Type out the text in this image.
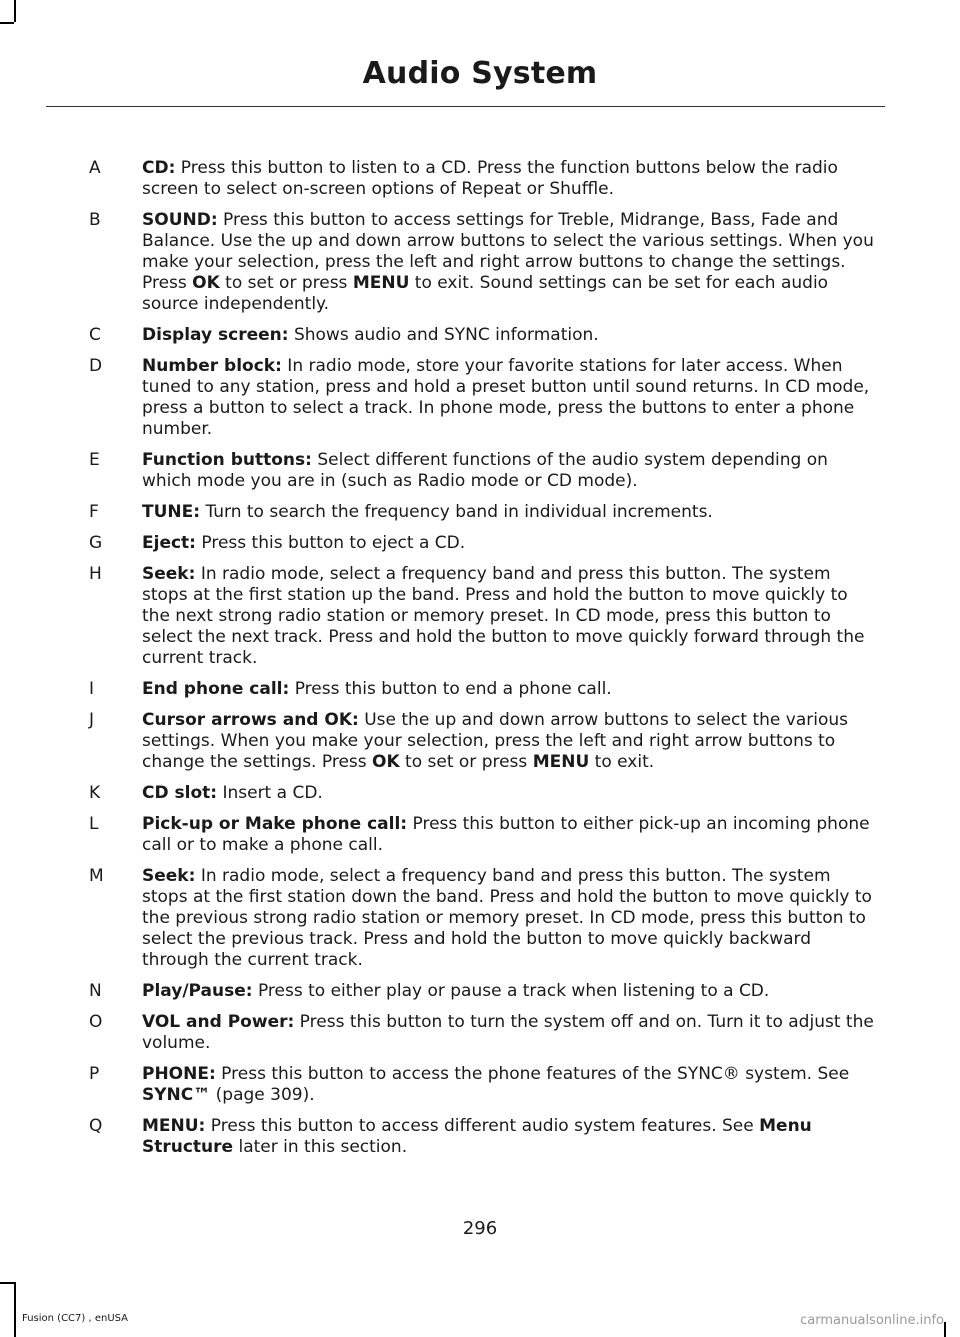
Audio System
A	CD: Press this button to listen to a CD. Press the function buttons below the radio screen to select on-screen options of Repeat or Shuffle.
B	SOUND: Press this button to access settings for Treble, Midrange, Bass, Fade and Balance. Use the up and down arrow buttons to select the various settings. When you make your selection, press the left and right arrow buttons to change the settings. Press OK to set or press MENU to exit. Sound settings can be set for each audio source independently.
C	Display screen: Shows audio and SYNC information.
D	Number block: In radio mode, store your favorite stations for later access. When tuned to any station, press and hold a preset button until sound returns. In CD mode, press a button to select a track. In phone mode, press the buttons to enter a phone number.
E	Function buttons: Select different functions of the audio system depending on which mode you are in (such as Radio mode or CD mode).
F	TUNE: Turn to search the frequency band in individual increments.
G	Eject: Press this button to eject a CD.
H	Seek: In radio mode, select a frequency band and press this button. The system stops at the first station up the band. Press and hold the button to move quickly to the next strong radio station or memory preset. In CD mode, press this button to select the next track. Press and hold the button to move quickly forward through the current track.
I	End phone call: Press this button to end a phone call.
J	Cursor arrows and OK: Use the up and down arrow buttons to select the various settings. When you make your selection, press the left and right arrow buttons to change the settings. Press OK to set or press MENU to exit.
K	CD slot: Insert a CD.
L	Pick-up or Make phone call: Press this button to either pick-up an incoming phone call or to make a phone call.
M	Seek: In radio mode, select a frequency band and press this button. The system stops at the first station down the band. Press and hold the button to move quickly to the previous strong radio station or memory preset. In CD mode, press this button to select the previous track. Press and hold the button to move quickly backward through the current track.
N	Play/Pause: Press to either play or pause a track when listening to a CD.
O	VOL and Power: Press this button to turn the system off and on. Turn it to adjust the volume.
P	PHONE: Press this button to access the phone features of the SYNC® system. See SYNC™ (page 309).
Q	MENU: Press this button to access different audio system features. See Menu Structure later in this section.
296
Fusion (CC7) , enUSA	carmanualsonline.info
